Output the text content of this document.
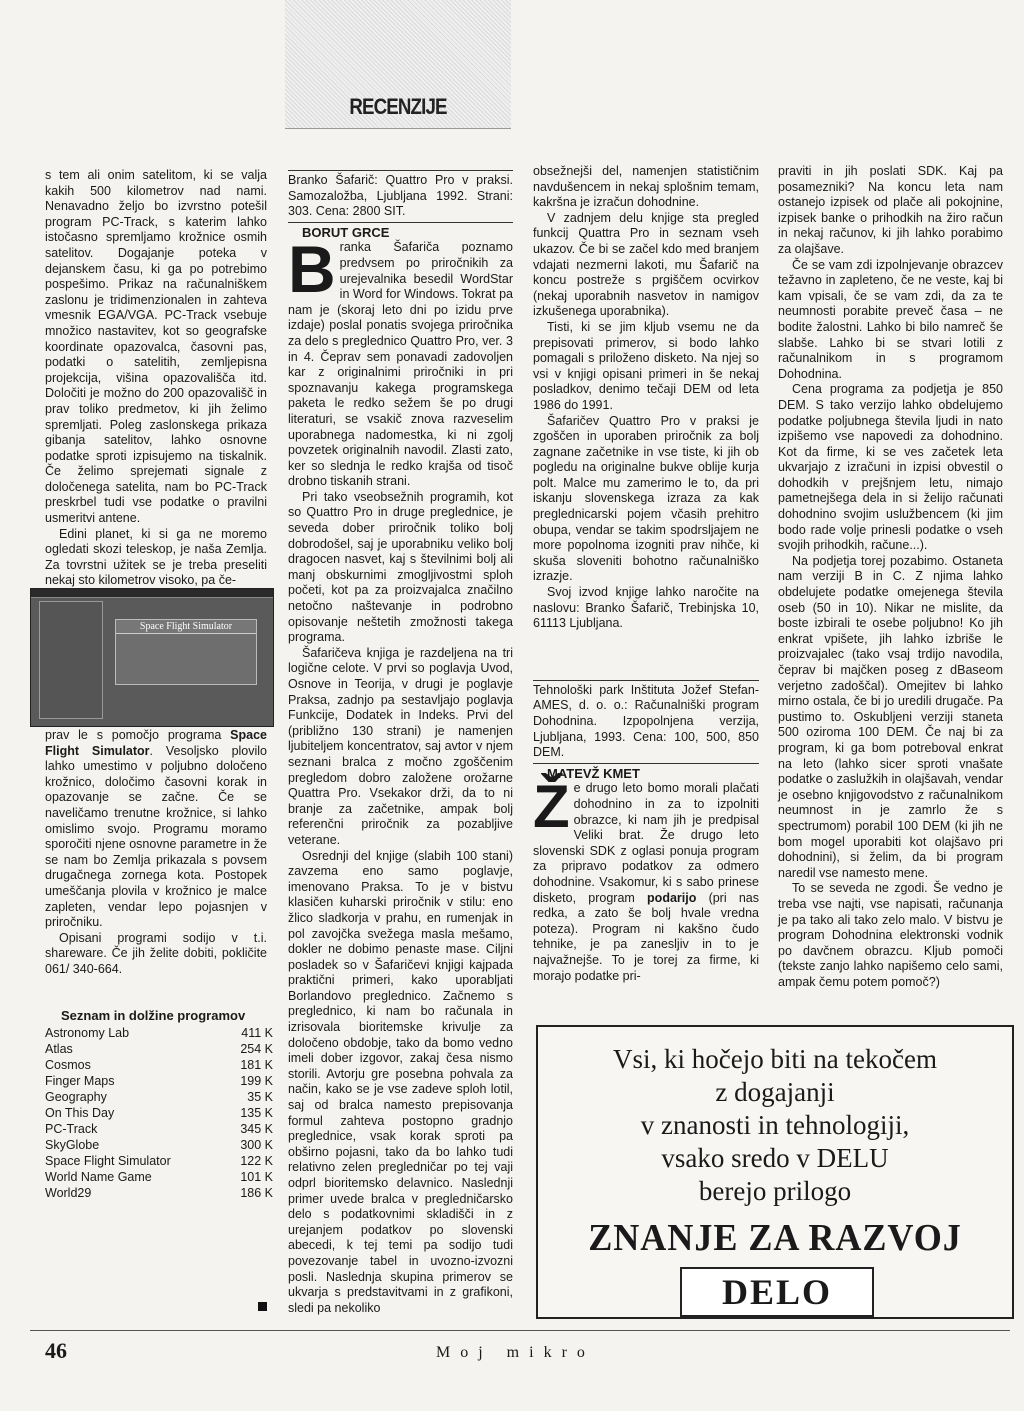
RECENZIJE

s tem ali onim satelitom, ki se valja kakih 500 kilometrov nad nami. Nenavadno željo bo izvrstno potešil program PC-Track, s katerim lahko istočasno spremljamo krožnice osmih satelitov. Dogajanje poteka v dejanskem času, ki ga po potrebimo pospešimo. Prikaz na računalniškem zaslonu je tridimenzionalen in zahteva vmesnik EGA/VGA. PC-Track vsebuje množico nastavitev, kot so geografske koordinate opazovalca, časovni pas, podatki o satelitih, zemljepisna projekcija, višina opazovališča itd. Določiti je možno do 200 opazovališč in prav toliko predmetov, ki jih želimo spremljati. Poleg zaslonskega prikaza gibanja satelitov, lahko osnovne podatke sproti izpisujemo na tiskalnik. Če želimo sprejemati signale z določenega satelita, nam bo PC-Track preskrbel tudi vse podatke o pravilni usmeritvi antene.

Edini planet, ki si ga ne moremo ogledati skozi teleskop, je naša Zemlja. Za tovrstni užitek se je treba preseliti nekaj sto kilometrov visoko, pa če-

Space Flight Simulator

prav le s pomočjo programa Space Flight Simulator. Vesoljsko plovilo lahko umestimo v poljubno določeno krožnico, določimo časovni korak in opazovanje se začne. Če se naveličamo trenutne krožnice, si lahko omislimo svojo. Programu moramo sporočiti njene osnovne parametre in že se nam bo Zemlja prikazala s povsem drugačnega zornega kota. Postopek umeščanja plovila v krožnico je malce zapleten, vendar lepo pojasnjen v priročniku.

Opisani programi sodijo v t.i. shareware. Če jih želite dobiti, pokličite 061/ 340-664.

Seznam in dolžine programov
Astronomy Lab	411 K
Atlas	254 K
Cosmos	181 K
Finger Maps	199 K
Geography	35 K
On This Day	135 K
PC-Track	345 K
SkyGlobe	300 K
Space Flight Simulator	122 K
World Name Game	101 K
World29	186 K

Branko Šafarič: Quattro Pro v praksi. Samozaložba, Ljubljana 1992. Strani: 303. Cena: 2800 SIT.

BORUT GRCE

Branka Šafariča poznamo predvsem po priročnikih za urejevalnika besedil WordStar in Word for Windows. Tokrat pa nam je (skoraj leto dni po izidu prve izdaje) poslal ponatis svojega priročnika za delo s preglednico Quattro Pro, ver. 3 in 4. Čeprav sem ponavadi zadovoljen kar z originalnimi priročniki in pri spoznavanju kakega programskega paketa le redko sežem še po drugi literaturi, se vsakič znova razveselim uporabnega nadomestka, ki ni zgolj povzetek originalnih navodil. Zlasti zato, ker so slednja le redko krajša od tisoč drobno tiskanih strani.

Pri tako vseobsežnih programih, kot so Quattro Pro in druge preglednice, je seveda dober priročnik toliko bolj dobrodošel, saj je uporabniku veliko bolj dragocen nasvet, kaj s številnimi bolj ali manj obskurnimi zmogljivostmi sploh početi, kot pa za proizvajalca značilno netočno naštevanje in podrobno opisovanje neštetih zmožnosti takega programa.

Šafaričeva knjiga je razdeljena na tri logične celote. V prvi so poglavja Uvod, Osnove in Teorija, v drugi je poglavje Praksa, zadnjo pa sestavljajo poglavja Funkcije, Dodatek in Indeks. Prvi del (približno 130 strani) je namenjen ljubiteljem koncentratov, saj avtor v njem seznani bralca z močno zgoščenim pregledom dobro založene orožarne Quattra Pro. Vsekakor drži, da to ni branje za začetnike, ampak bolj referenčni priročnik za pozabljive veterane.

Osrednji del knjige (slabih 100 stani) zavzema eno samo poglavje, imenovano Praksa. To je v bistvu klasičen kuharski priročnik v stilu: eno žlico sladkorja v prahu, en rumenjak in pol zavojčka svežega masla mešamo, dokler ne dobimo penaste mase. Ciljni posladek so v Šafaričevi knjigi kajpada praktični primeri, kako uporabljati Borlandovo preglednico. Začnemo s preglednico, ki nam bo računala in izrisovala bioritemske krivulje za določeno obdobje, tako da bomo vedno imeli dober izgovor, zakaj česa nismo storili. Avtorju gre posebna pohvala za način, kako se je vse zadeve sploh lotil, saj od bralca namesto prepisovanja formul zahteva postopno gradnjo preglednice, vsak korak sproti pa obširno pojasni, tako da bo lahko tudi relativno zelen pregledničar po tej vaji odprl bioritemsko delavnico. Naslednji primer uvede bralca v pregledničarsko delo s podatkovnimi skladišči in z urejanjem podatkov po slovenski abecedi, k tej temi pa sodijo tudi povezovanje tabel in uvozno-izvozni posli. Naslednja skupina primerov se ukvarja s predstavitvami in z grafikoni, sledi pa nekoliko

obsežnejši del, namenjen statističnim navdušencem in nekaj splošnim temam, kakršna je izračun dohodnine.

V zadnjem delu knjige sta pregled funkcij Quattra Pro in seznam vseh ukazov. Če bi se začel kdo med branjem vdajati nezmerni lakoti, mu Šafarič na koncu postreže s prgiščem ocvirkov (nekaj uporabnih nasvetov in namigov izkušenega uporabnika).

Tisti, ki se jim kljub vsemu ne da prepisovati primerov, si bodo lahko pomagali s priloženo disketo. Na njej so vsi v knjigi opisani primeri in še nekaj posladkov, denimo tečaji DEM od leta 1986 do 1991.

Šafaričev Quattro Pro v praksi je zgoščen in uporaben priročnik za bolj zagnane začetnike in vse tiste, ki jih ob pogledu na originalne bukve oblije kurja polt. Malce mu zamerimo le to, da pri iskanju slovenskega izraza za kak preglednicarski pojem včasih prehitro obupa, vendar se takim spodrsljajem ne more popolnoma izogniti prav nihče, ki skuša sloveniti bohotno računalniško izrazje.

Svoj izvod knjige lahko naročite na naslovu: Branko Šafarič, Trebinjska 10, 61113 Ljubljana.

Tehnološki park Inštituta Jožef Stefan-AMES, d. o. o.: Računalniški program Dohodnina. Izpopolnjena verzija, Ljubljana, 1993. Cena: 100, 500, 850 DEM.

MATEVŽ KMET

Že drugo leto bomo morali plačati dohodnino in za to izpolniti obrazce, ki nam jih je predpisal Veliki brat. Že drugo leto slovenski SDK z oglasi ponuja program za pripravo podatkov za odmero dohodnine. Vsakomur, ki s sabo prinese disketo, program podarijo (pri nas redka, a zato še bolj hvale vredna poteza). Program ni kakšno čudo tehnike, je pa zanesljiv in to je najvažnejše. To je torej za firme, ki morajo podatke pri-

praviti in jih poslati SDK. Kaj pa posamezniki? Na koncu leta nam ostanejo izpisek od plače ali pokojnine, izpisek banke o prihodkih na žiro račun in nekaj računov, ki jih lahko porabimo za olajšave.

Če se vam zdi izpolnjevanje obrazcev težavno in zapleteno, če ne veste, kaj bi kam vpisali, če se vam zdi, da za te neumnosti porabite preveč časa – ne bodite žalostni. Lahko bi bilo namreč še slabše. Lahko bi se stvari lotili z računalnikom in s programom Dohodnina.

Cena programa za podjetja je 850 DEM. S tako verzijo lahko obdelujemo podatke poljubnega števila ljudi in nato izpišemo vse napovedi za dohodnino. Kot da firme, ki se ves začetek leta ukvarjajo z izračuni in izpisi obvestil o dohodkih v prejšnjem letu, nimajo pametnejšega dela in si želijo računati dohodnino svojim uslužbencem (ki jim bodo rade volje prinesli podatke o vseh svojih prihodkih, račune...).

Na podjetja torej pozabimo. Ostaneta nam verziji B in C. Z njima lahko obdelujete podatke omejenega števila oseb (50 in 10). Nikar ne mislite, da boste izbirali te osebe poljubno! Ko jih enkrat vpišete, jih lahko izbriše le proizvajalec (tako vsaj trdijo navodila, čeprav bi majčken poseg z dBaseom verjetno zadoščal). Omejitev bi lahko mirno ostala, če bi jo uredili drugače. Pa pustimo to. Oskubljeni verziji staneta 500 oziroma 100 DEM. Če naj bi za program, ki ga bom potreboval enkrat na leto (lahko sicer sproti vnašate podatke o zaslužkih in olajšavah, vendar je osebno knjigovodstvo z računalnikom neumnost in je zamrlo že s spectrumom) porabil 100 DEM (ki jih ne bom mogel uporabiti kot olajšavo pri dohodnini), si želim, da bi program naredil vse namesto mene.

To se seveda ne zgodi. Še vedno je treba vse najti, vse napisati, računanja je pa tako ali tako zelo malo. V bistvu je program Dohodnina elektronski vodnik po davčnem obrazcu. Kljub pomoči (tekste zanjo lahko napišemo celo sami, ampak čemu potem pomoč?)

Vsi, ki hočejo biti na tekočem
z dogajanji
v znanosti in tehnologiji,
vsako sredo v DELU
berejo prilogo
ZNANJE ZA RAZVOJ
DELO
46	Moj mikro
